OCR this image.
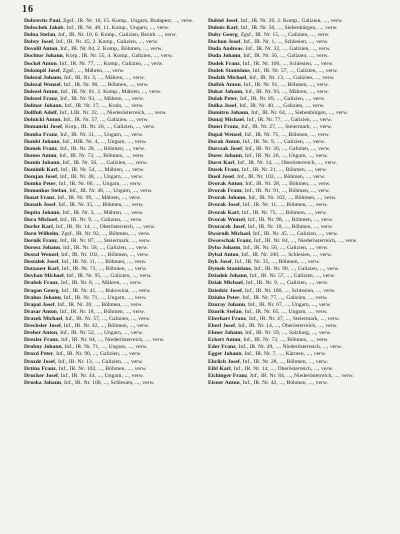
16

Dobrovits Paul, Zgsf., IR. Nr. 16, 15. Komp., Ungarn, Budapest, ..., verw.

Dobschek Jakob, Inf., IR. Nr. 48, 11. Komp., Ungarn, ..., verw.

Dolna Stefan, Inf., IR. Nr. 10, 6. Komp., Galizien, Bezirk ..., verw.

Dobry Josef, Inf., IR. Nr. 45, 2. Komp., Galizien, ..., verw.

Dovolil Anton, Inf., IR. Nr. 84, 2. Komp., Böhmen, ..., verw.

Dochtor Johann, Korp., IR. Nr. 55, 4. Komp., Galizien, ..., verw.

Dockel Anton, Inf., IR. Nr. 77, ..., Komp., Galizien, ..., verw.

Dokoupil Josef, Zgsf., ..., Mähren, ..., verw.

Dolezal Johann, Inf., IR. Nr. 3, ..., Mähren, ..., verw.

Dolezal Wenzel, Inf., IR. Nr. 98, ..., Böhmen, ..., verw.

Dolezel Anton, Inf., IR. Nr. 81, 2. Komp., Mähren, ..., verw.

Dolezel Franz, Inf., IR. Nr. 93, ..., Mähren, ..., verw.

Dolinar Johann, Inf., IR. Nr. 17, ..., Krain, ..., verw.

Dollfuß Adolf, Inf., LIR. Nr. 22, ..., Niederösterreich, ..., verw.

Dolnicki Anton, Inf., IR. Nr. 57, ..., Galizien, ..., verw.

Domanski Josef, Korp., IR. Nr. 20, ..., Galizien, ..., verw.

Domba Franz, Inf., IR. Nr. 31, ..., Ungarn, ..., verw.

Dombi Johann, Inf., HIR. Nr. 4, ..., Ungarn, ..., verw.

Domek Franz, Inf., IR. Nr. 28, ..., Böhmen, ..., verw.

Domes Anton, Inf., IR. Nr. 73, ..., Böhmen, ..., verw.

Domin Johann, Inf., IR. Nr. 56, ..., Galizien, ..., verw.

Dominik Karl, Inf., IR. Nr. 54, ..., Mähren, ..., verw.

Domjan Josef, Inf., IR. Nr. 48, ..., Ungarn, ..., verw.

Domko Peter, Inf., IR. Nr. 66, ..., Ungarn, ..., verw.

Domonkos Stefan, Inf., IR. Nr. 46, ..., Ungarn, ..., verw.

Donat Franz, Inf., IR. Nr. 99, ..., Mähren, ..., verw.

Donath Josef, Inf., IR. Nr. 35, ..., Böhmen, ..., verw.

Dopita Johann, Inf., IR. Nr. 3, ..., Mähren, ..., verw.

Dora Michael, Inf., IR. Nr. 9, ..., Galizien, ..., verw.

Dorfer Karl, Inf., IR. Nr. 14, ..., Oberösterreich, ..., verw.

Dorn Wilhelm, Zgsf., IR. Nr. 92, ..., Böhmen, ..., verw.

Dornik Franz, Inf., IR. Nr. 87, ..., Steiermark, ..., verw.

Dorosz Johann, Inf., IR. Nr. 58, ..., Galizien, ..., verw.

Dostal Wenzel, Inf., IR. Nr. 102, ..., Böhmen, ..., verw.

Dostalek Josef, Inf., IR. Nr. 11, ..., Böhmen, ..., verw.

Dotzauer Karl, Inf., IR. Nr. 73, ..., Böhmen, ..., verw.

Dovhan Michael, Inf., IR. Nr. 95, ..., Galizien, ..., verw.

Drabek Franz, Inf., IR. Nr. 8, ..., Mähren, ..., verw.

Dragan Georg, Inf., IR. Nr. 41, ..., Bukowina, ..., verw.

Drahos Johann, Inf., IR. Nr. 71, ..., Ungarn, ..., verw.

Drapal Josef, Inf., IR. Nr. 28, ..., Böhmen, ..., verw.

Drasar Anton, Inf., IR. Nr. 18, ..., Böhmen, ..., verw.

Drazek Michael, Inf., IR. Nr. 57, ..., Galizien, ..., verw.

Drechsler Josef, Inf., IR. Nr. 42, ..., Böhmen, ..., verw.

Dreher Anton, Inf., IR. Nr. 52, ..., Ungarn, ..., verw.

Drexler Franz, Inf., IR. Nr. 84, ..., Niederösterreich, ..., verw.

Drobny Johann, Inf., IR. Nr. 71, ..., Ungarn, ..., verw.

Drozd Peter, Inf., IR. Nr. 90, ..., Galizien, ..., verw.

Drozdz Josef, Inf., IR. Nr. 13, ..., Galizien, ..., verw.

Drtina Franz, Inf., IR. Nr. 102, ..., Böhmen, ..., verw.

Drucker Josef, Inf., IR. Nr. 44, ..., Ungarn, ..., verw.

Druska Johann, Inf., IR. Nr. 100, ..., Schlesien, ..., verw.

Dubiel Josef, Inf., IR. Nr. 20, 2. Komp., Galizien, ..., verw.

Dubois Karl, Inf., IR. Nr. 50, ..., Siebenbürgen, ..., verw.

Duby Georg, Zgsf., IR. Nr. 15, ..., Galizien, ..., verw.

Duchon Josef, Inf., IR. Nr. 1, ..., Schlesien, ..., verw.

Duda Andreas, Inf., IR. Nr. 32, ..., Galizien, ..., verw.

Duda Johann, Inf., IR. Nr. 56, ..., Galizien, ..., verw.

Dudek Franz, Inf., IR. Nr. 100, ..., Schlesien, ..., verw.

Dudek Stanislaus, Inf., IR. Nr. 57, ..., Galizien, ..., verw.

Dudzik Michael, Inf., IR. Nr. 13, ..., Galizien, ..., verw.

Duffek Anton, Inf., IR. Nr. 91, ..., Böhmen, ..., verw.

Dukat Johann, Inf., IR. Nr. 93, ..., Mähren, ..., verw.

Dulak Peter, Inf., IR. Nr. 89, ..., Galizien, ..., verw.

Dulka Josef, Inf., IR. Nr. 40, ..., Galizien, ..., verw.

Dumitru Johann, Inf., IR. Nr. 64, ..., Siebenbürgen, ..., verw.

Dunaj Michael, Inf., IR. Nr. 77, ..., Galizien, ..., verw.

Dunst Franz, Inf., IR. Nr. 27, ..., Steiermark, ..., verw.

Dupal Wenzel, Inf., IR. Nr. 75, ..., Böhmen, ..., verw.

Durak Anton, Inf., IR. Nr. 9, ..., Galizien, ..., verw.

Durczak Josef, Inf., IR. Nr. 20, ..., Galizien, ..., verw.

Durec Johann, Inf., IR. Nr. 26, ..., Ungarn, ..., verw.

Durst Karl, Inf., IR. Nr. 14, ..., Oberösterreich, ..., verw.

Dusek Franz, Inf., IR. Nr. 21, ..., Böhmen, ..., verw.

Dusil Josef, Inf., IR. Nr. 102, ..., Böhmen, ..., verw.

Dvorak Anton, Inf., IR. Nr. 28, ..., Böhmen, ..., verw.

Dvorak Franz, Inf., IR. Nr. 91, ..., Böhmen, ..., verw.

Dvorak Johann, Inf., IR. Nr. 102, ..., Böhmen, ..., verw.

Dvorak Josef, Inf., IR. Nr. 11, ..., Böhmen, ..., verw.

Dvorak Karl, Inf., IR. Nr. 75, ..., Böhmen, ..., verw.

Dvorak Wenzel, Inf., IR. Nr. 98, ..., Böhmen, ..., verw.

Dvoracek Josef, Inf., IR. Nr. 18, ..., Böhmen, ..., verw.

Dwornik Michael, Inf., IR. Nr. 45, ..., Galizien, ..., verw.

Dworschak Franz, Inf., IR. Nr. 84, ..., Niederösterreich, ..., verw.

Dyba Johann, Inf., IR. Nr. 56, ..., Galizien, ..., verw.

Dybal Anton, Inf., IR. Nr. 100, ..., Schlesien, ..., verw.

Dyk Josef, Inf., IR. Nr. 35, ..., Böhmen, ..., verw.

Dymek Stanislaus, Inf., IR. Nr. 90, ..., Galizien, ..., verw.

Dziadek Johann, Inf., IR. Nr. 57, ..., Galizien, ..., verw.

Dziak Michael, Inf., IR. Nr. 9, ..., Galizien, ..., verw.

Dziedzic Josef, Inf., IR. Nr. 100, ..., Schlesien, ..., verw.

Dziuba Peter, Inf., IR. Nr. 77, ..., Galizien, ..., verw.

Dzuray Johann, Inf., IR. Nr. 67, ..., Ungarn, ..., verw.

Dzurik Stefan, Inf., IR. Nr. 65, ..., Ungarn, ..., verw.

Eberhart Franz, Inf., IR. Nr. 47, ..., Steiermark, ..., verw.

Eberl Josef, Inf., IR. Nr. 14, ..., Oberösterreich, ..., verw.

Ebner Johann, Inf., IR. Nr. 59, ..., Salzburg, ..., verw.

Eckert Anton, Inf., IR. Nr. 73, ..., Böhmen, ..., verw.

Eder Franz, Inf., IR. Nr. 49, ..., Niederösterreich, ..., verw.

Egger Johann, Inf., IR. Nr. 7, ..., Kärnten, ..., verw.

Ehrlich Josef, Inf., IR. Nr. 28, ..., Böhmen, ..., verw.

Eibl Karl, Inf., IR. Nr. 14, ..., Oberösterreich, ..., verw.

Eichinger Franz, Inf., IR. Nr. 84, ..., Niederösterreich, ..., verw.

Eisner Anton, Inf., IR. Nr. 42, ..., Böhmen, ..., verw.
